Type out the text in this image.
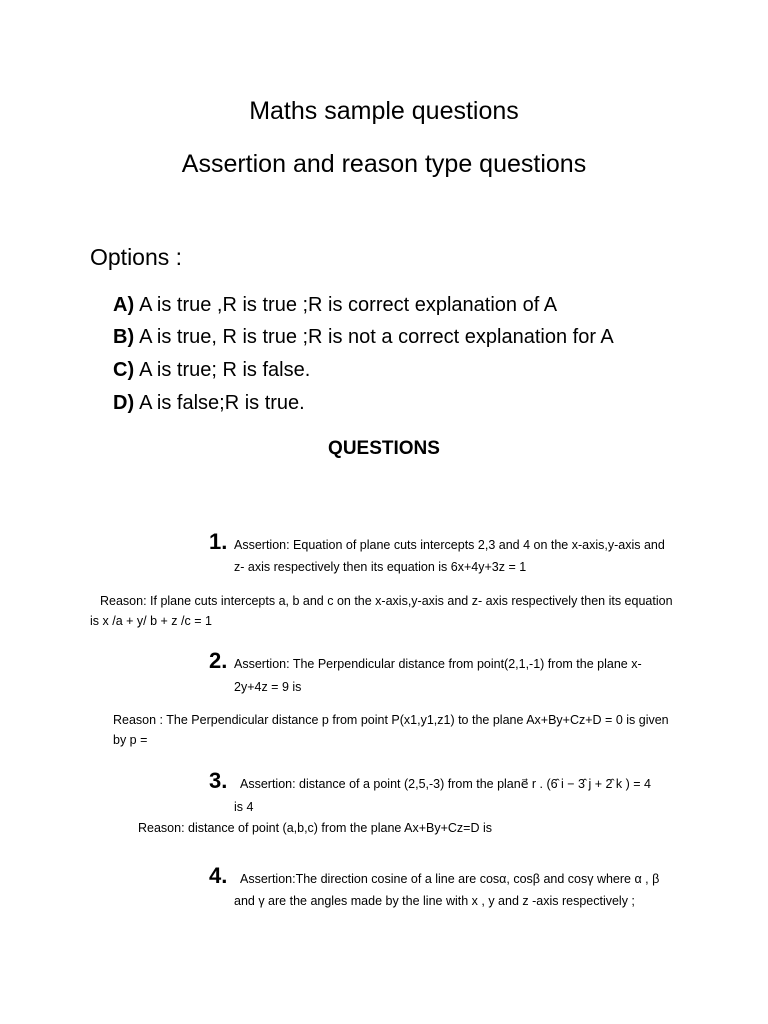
Maths sample questions
Assertion and reason type questions
Options :
A) A is true ,R is true ;R is correct explanation of A
B) A is true, R is true ;R is not a correct explanation for A
C) A is true; R is false.
D) A is false;R is true.
QUESTIONS
1. Assertion: Equation of plane cuts intercepts 2,3 and 4 on the x-axis,y-axis and
z- axis respectively then its equation is 6x+4y+3z = 1
Reason: If plane cuts intercepts a, b and c on the x-axis,y-axis and z- axis respectively then its equation
is x /a + y/ b + z /c = 1
2. Assertion: The Perpendicular distance from point(2,1,-1) from the plane x-
2y+4z = 9 is
Reason : The Perpendicular distance p from point P(x1,y1,z1) to the plane Ax+By+Cz+D = 0 is given
by p =
3. Assertion: distance of a point (2,5,-3) from the plane⃗ r . (6̂ i − 3̂ j + 2̂ k ) = 4
is 4
Reason: distance of point (a,b,c) from the plane Ax+By+Cz=D is
4. Assertion:The direction cosine of a line are cosα, cosβ and cosγ where α , β
and γ are the angles made by the line with x , y and z -axis respectively ;
